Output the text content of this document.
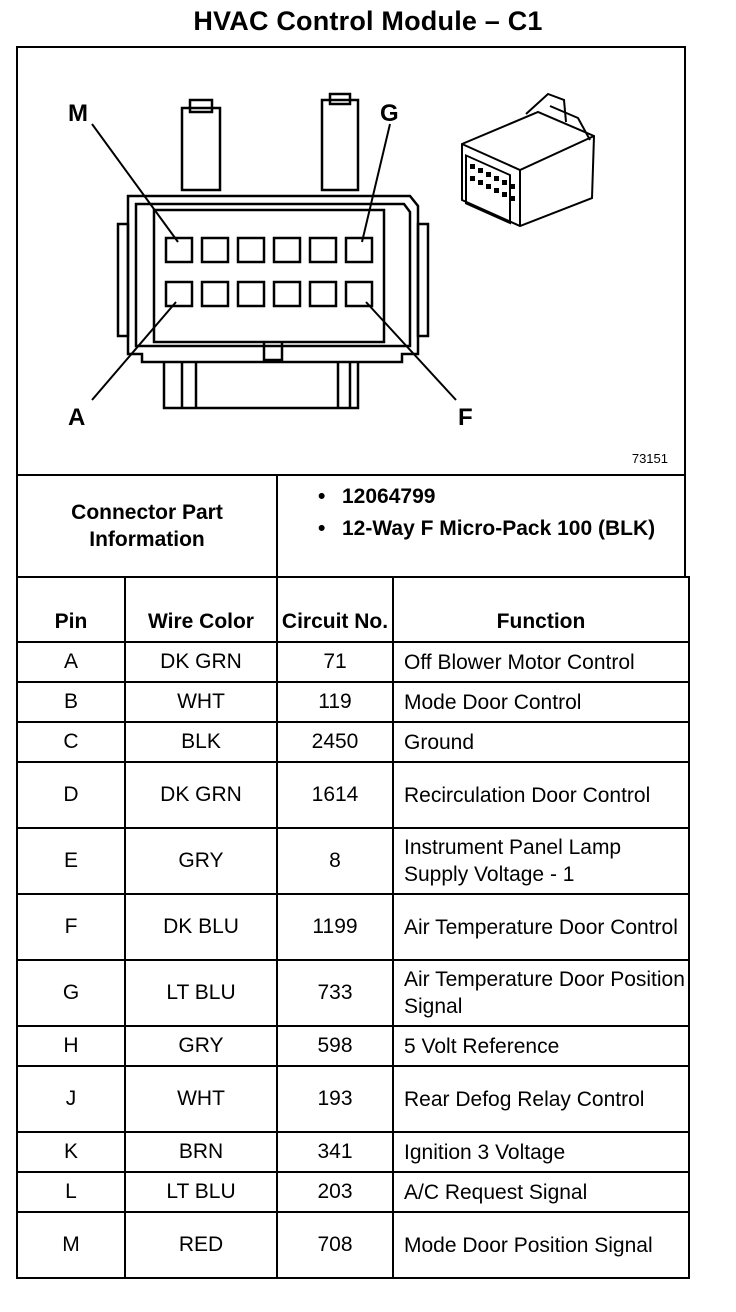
HVAC Control Module – C1
M	G
A	F
73151
Connector Part Information
• 12064799
• 12-Way F Micro-Pack 100 (BLK)
Pin	Wire Color	Circuit No.	Function
A	DK GRN	71	Off Blower Motor Control
B	WHT	119	Mode Door Control
C	BLK	2450	Ground
D	DK GRN	1614	Recirculation Door Control
E	GRY	8	Instrument Panel Lamp Supply Voltage - 1
F	DK BLU	1199	Air Temperature Door Control
G	LT BLU	733	Air Temperature Door Position Signal
H	GRY	598	5 Volt Reference
J	WHT	193	Rear Defog Relay Control
K	BRN	341	Ignition 3 Voltage
L	LT BLU	203	A/C Request Signal
M	RED	708	Mode Door Position Signal
